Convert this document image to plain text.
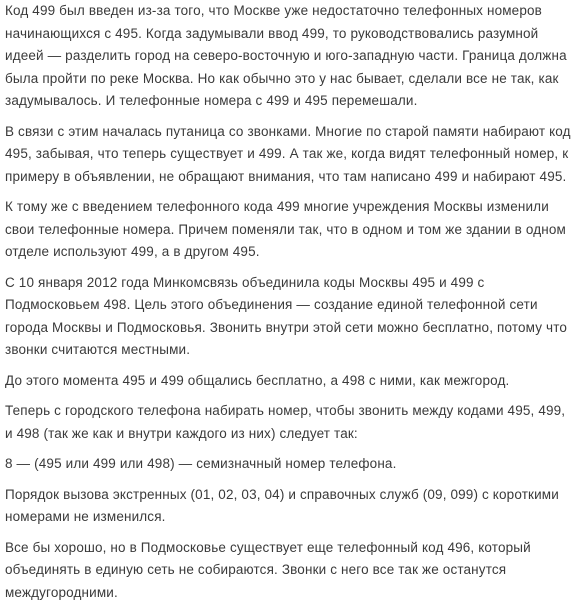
Код 499 был введен из-за того, что Москве уже недостаточно телефонных номеров начинающихся с 495. Когда задумывали ввод 499, то руководствовались разумной идеей — разделить город на северо-восточную и юго-западную части. Граница должна была пройти по реке Москва. Но как обычно это у нас бывает, сделали все не так, как задумывалось. И телефонные номера с 499 и 495 перемешали.

В связи с этим началась путаница со звонками. Многие по старой памяти набирают код 495, забывая, что теперь существует и 499. А так же, когда видят телефонный номер, к примеру в объявлении, не обращают внимания, что там написано 499 и набирают 495.

К тому же с введением телефонного кода 499 многие учреждения Москвы изменили свои телефонные номера. Причем поменяли так, что в одном и том же здании в одном отделе используют 499, а в другом 495.

С 10 января 2012 года Минкомсвязь объединила коды Москвы 495 и 499 с Подмосковьем 498. Цель этого объединения — создание единой телефонной сети города Москвы и Подмосковья. Звонить внутри этой сети можно бесплатно, потому что звонки считаются местными.

До этого момента 495 и 499 общались бесплатно, а 498 с ними, как межгород.

Теперь с городского телефона набирать номер, чтобы звонить между кодами 495, 499, и 498 (так же как и внутри каждого из них) следует так:

8 — (495 или 499 или 498) — семизначный номер телефона.

Порядок вызова экстренных (01, 02, 03, 04) и справочных служб (09, 099) с короткими номерами не изменился.

Все бы хорошо, но в Подмосковье существует еще телефонный код 496, который объединять в единую сеть не собираются. Звонки с него все так же останутся междугородними.
